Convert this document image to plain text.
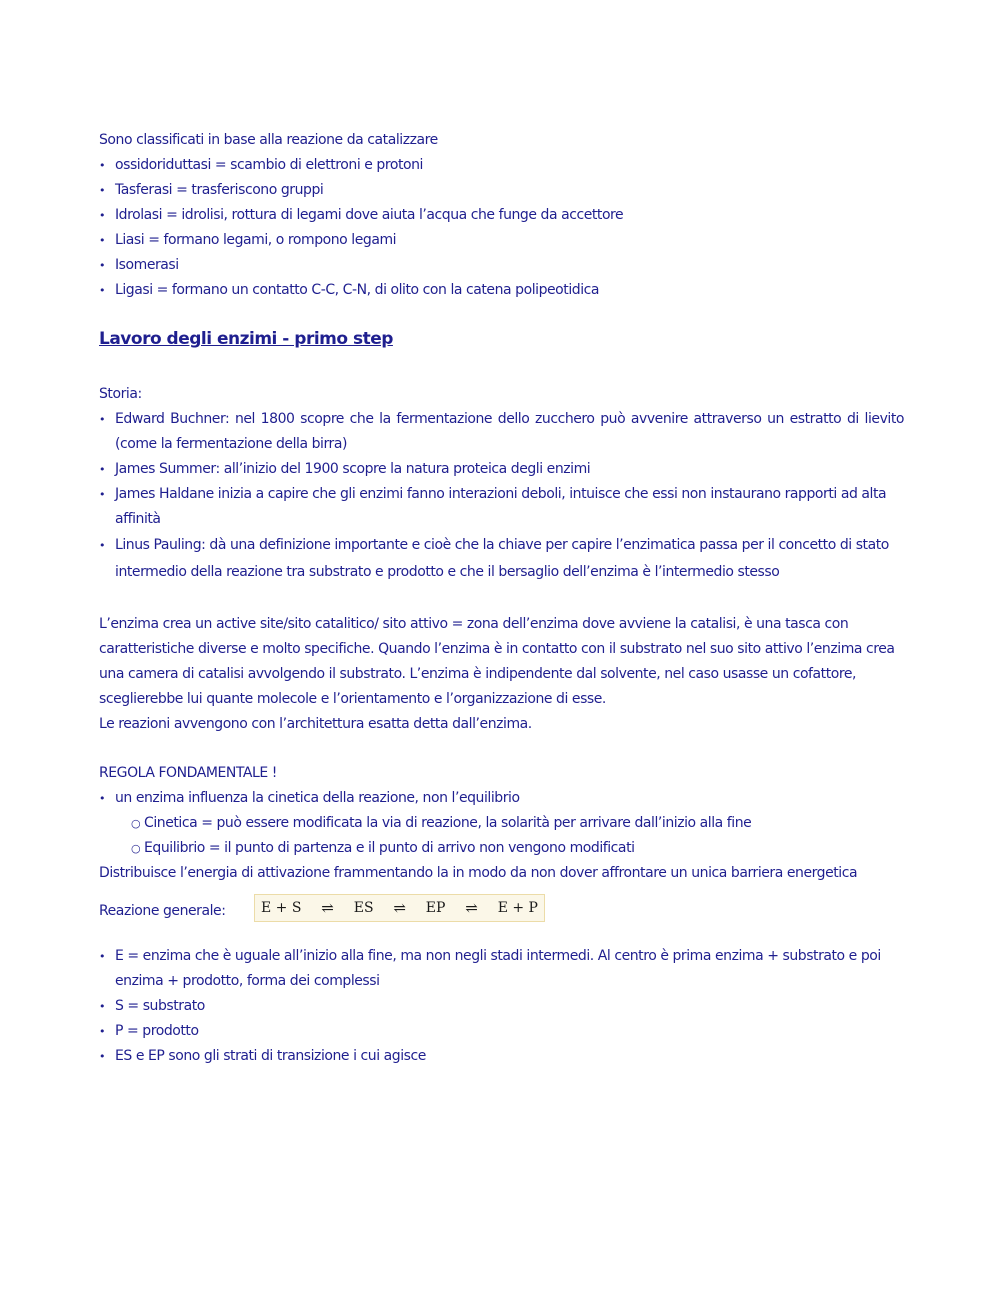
Sono classificati in base alla reazione da catalizzare

• ossidoriduttasi = scambio di elettroni e protoni
• Tasferasi = trasferiscono gruppi
• Idrolasi = idrolisi, rottura di legami dove aiuta l’acqua che funge da accettore
• Liasi = formano legami, o rompono legami
• Isomerasi
• Ligasi = formano un contatto C-C, C-N, di olito con la catena polipeotidica
Lavoro degli enzimi - primo step

Storia:

• Edward Buchner: nel 1800 scopre che la fermentazione dello zucchero può avvenire attraverso un estratto di lievito (come la fermentazione della birra)
• James Summer: all’inizio del 1900 scopre la natura proteica degli enzimi
• James Haldane inizia a capire che gli enzimi fanno interazioni deboli, intuisce che essi non instaurano rapporti ad alta affinità
• Linus Pauling: dà una definizione importante e cioè che la chiave per capire l’enzimatica passa per il concetto di stato intermedio della reazione tra substrato e prodotto e che il bersaglio dell’enzima è l’intermedio stesso

L’enzima crea un active site/sito catalitico/ sito attivo = zona dell’enzima dove avviene la catalisi, è una tasca con caratteristiche diverse e molto specifiche. Quando l’enzima è in contatto con il substrato nel suo sito attivo l’enzima crea una camera di catalisi avvolgendo il substrato. L’enzima è indipendente dal solvente, nel caso usasse un cofattore, sceglierebbe lui quante molecole e l’orientamento e l’organizzazione di esse.

Le reazioni avvengono con l’architettura esatta detta dall’enzima.

REGOLA FONDAMENTALE !

• un enzima influenza la cinetica della reazione, non l’equilibrio
○ Cinetica = può essere modificata la via di reazione, la solarità per arrivare dall’inizio alla fine
○ Equilibrio = il punto di partenza e il punto di arrivo non vengono modificati

Distribuisce l’energia di attivazione frammentando la in modo da non dover affrontare un unica barriera energetica

Reazione generale:	E + S ⇌ ES ⇌ EP ⇌ E + P
• E = enzima che è uguale all’inizio alla fine, ma non negli stadi intermedi. Al centro è prima enzima + substrato e poi enzima + prodotto, forma dei complessi
• S = substrato
• P = prodotto
• ES e EP sono gli strati di transizione i cui agisce
